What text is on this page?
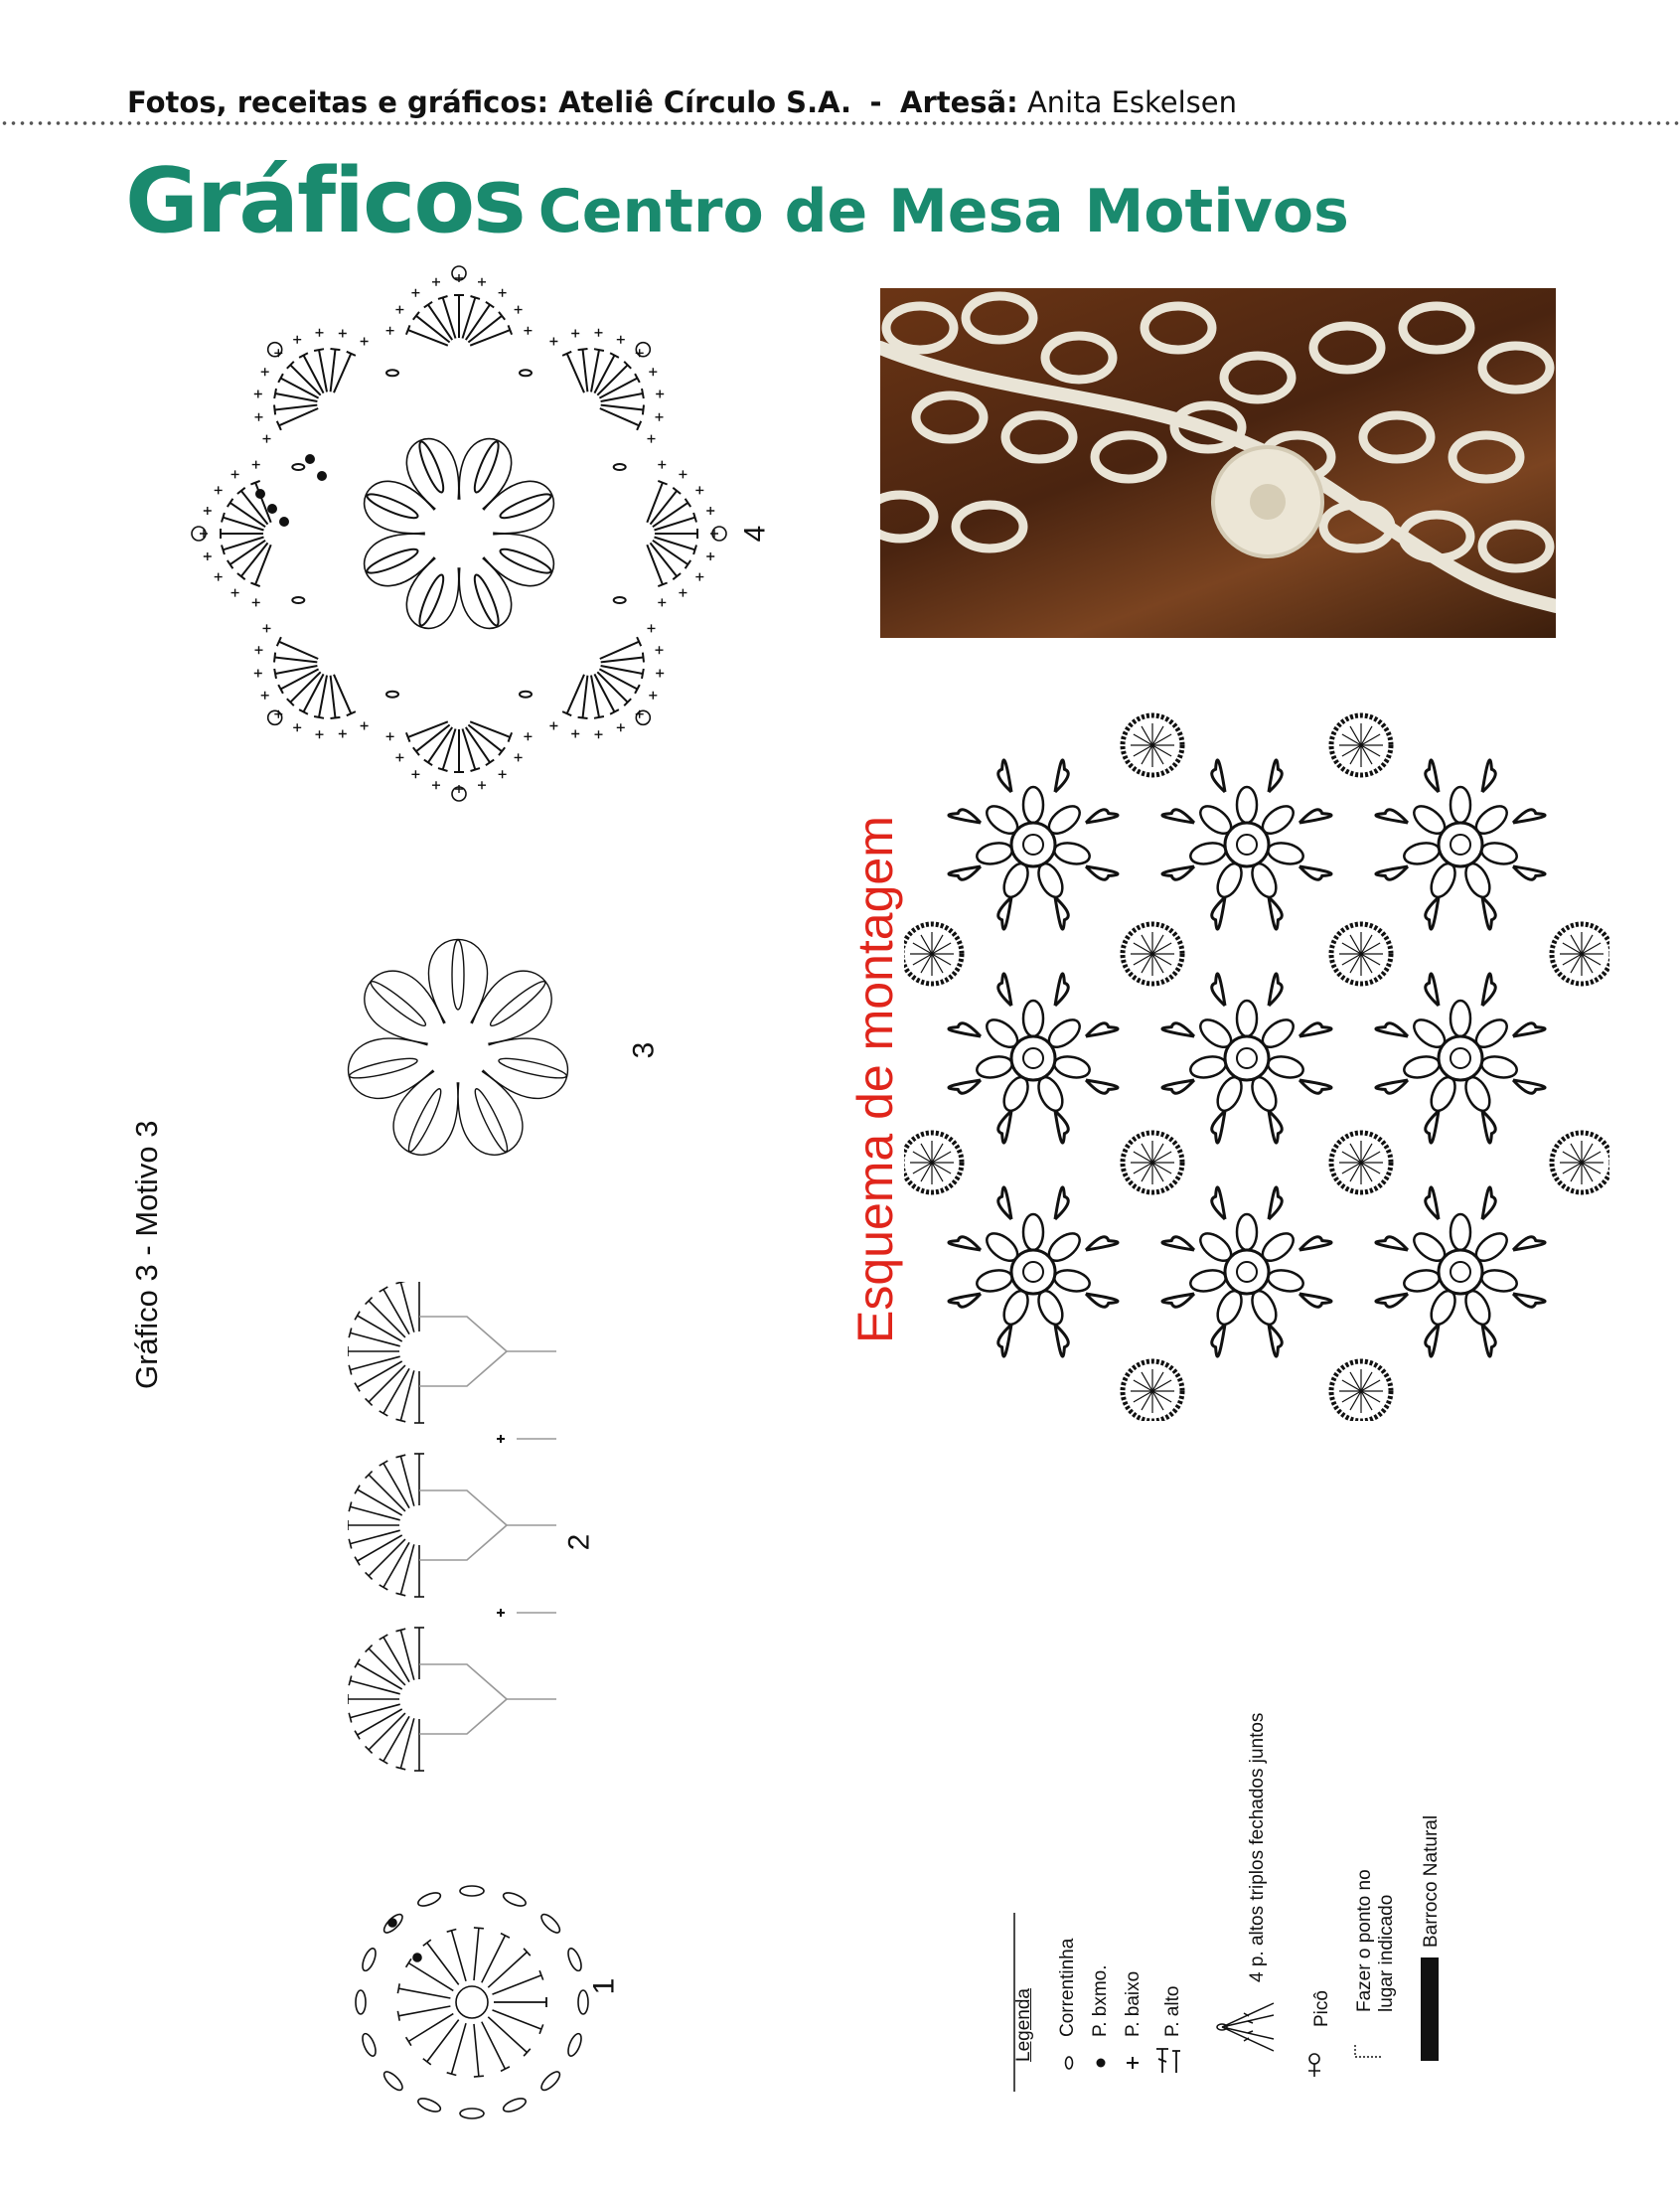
Fotos, receitas e gráficos: Ateliê Círculo S.A. - Artesã: Anita Eskelsen
Gráficos Centro de Mesa Motivos
4
3
Gráfico 3 - Motivo 3
2
1
Esquema de montagem
Legenda Correntinha P. bxmo. P. baixo P. alto
4 p. altos triplos fechados juntos
Picô Fazer o ponto no lugar indicado
Barroco Natural
